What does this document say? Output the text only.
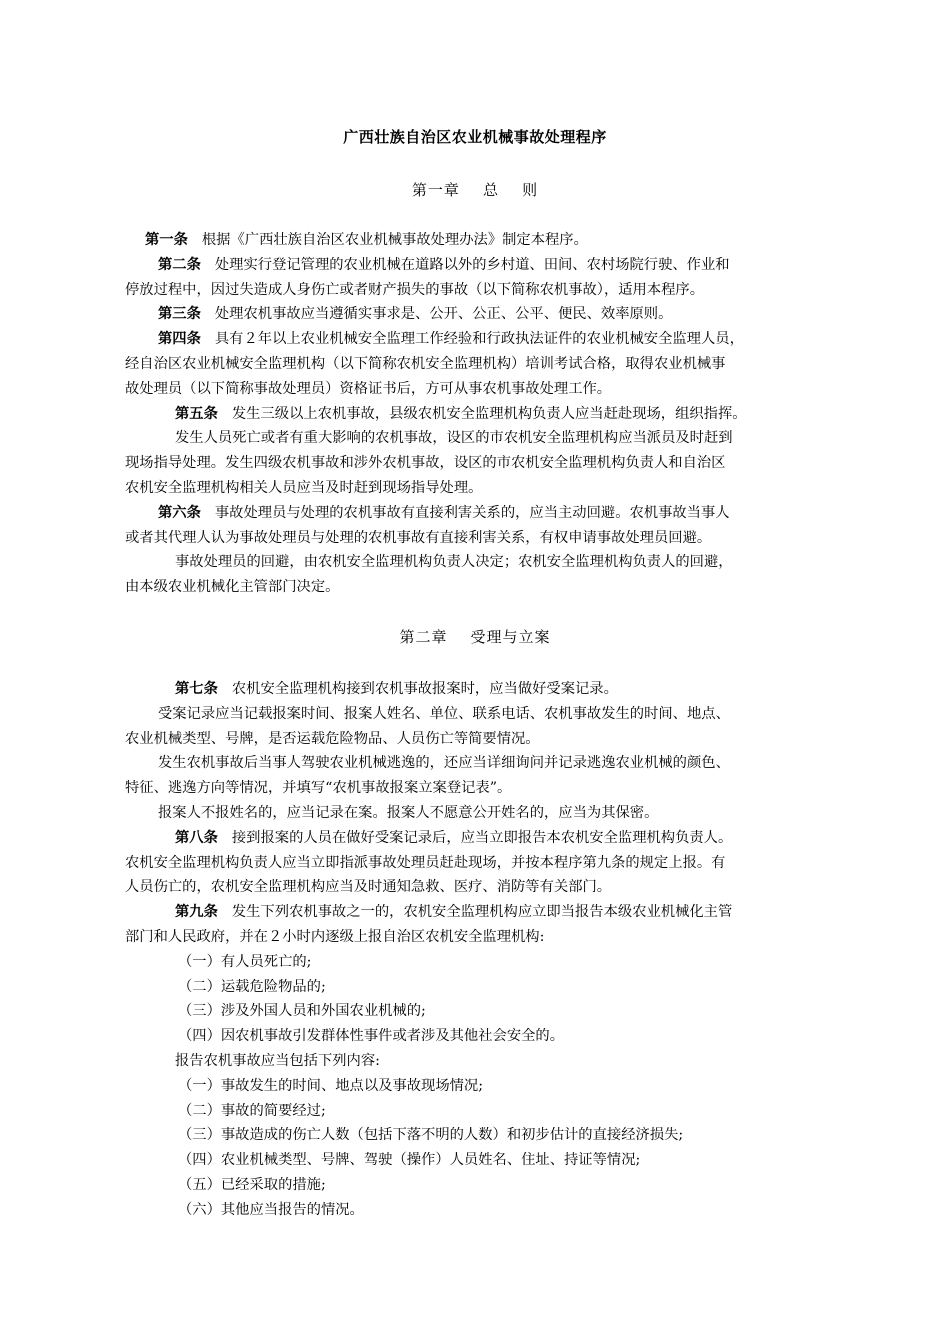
广西壮族自治区农业机械事故处理程序
第一章    总    则
第一条 根据《广西壮族自治区农业机械事故处理办法》制定本程序。
第二条 处理实行登记管理的农业机械在道路以外的乡村道、田间、农村场院行驶、作业和
停放过程中，因过失造成人身伤亡或者财产损失的事故（以下简称农机事故），适用本程序。
第三条 处理农机事故应当遵循实事求是、公开、公正、公平、便民、效率原则。
第四条 具有２年以上农业机械安全监理工作经验和行政执法证件的农业机械安全监理人员，
经自治区农业机械安全监理机构（以下简称农机安全监理机构）培训考试合格，取得农业机械事
故处理员（以下简称事故处理员）资格证书后，方可从事农机事故处理工作。
第五条 发生三级以上农机事故，县级农机安全监理机构负责人应当赶赴现场，组织指挥。
发生人员死亡或者有重大影响的农机事故，设区的市农机安全监理机构应当派员及时赶到
现场指导处理。发生四级农机事故和涉外农机事故，设区的市农机安全监理机构负责人和自治区
农机安全监理机构相关人员应当及时赶到现场指导处理。
第六条 事故处理员与处理的农机事故有直接利害关系的，应当主动回避。农机事故当事人
或者其代理人认为事故处理员与处理的农机事故有直接利害关系，有权申请事故处理员回避。
事故处理员的回避，由农机安全监理机构负责人决定；农机安全监理机构负责人的回避，
由本级农业机械化主管部门决定。
第二章    受理与立案
第七条 农机安全监理机构接到农机事故报案时，应当做好受案记录。
受案记录应当记载报案时间、报案人姓名、单位、联系电话、农机事故发生的时间、地点、
农业机械类型、号牌，是否运载危险物品、人员伤亡等简要情况。
发生农机事故后当事人驾驶农业机械逃逸的，还应当详细询问并记录逃逸农业机械的颜色、
特征、逃逸方向等情况，并填写“农机事故报案立案登记表”。
报案人不报姓名的，应当记录在案。报案人不愿意公开姓名的，应当为其保密。
第八条 接到报案的人员在做好受案记录后，应当立即报告本农机安全监理机构负责人。
农机安全监理机构负责人应当立即指派事故处理员赶赴现场，并按本程序第九条的规定上报。有
人员伤亡的，农机安全监理机构应当及时通知急救、医疗、消防等有关部门。
第九条 发生下列农机事故之一的，农机安全监理机构应立即当报告本级农业机械化主管
部门和人民政府，并在２小时内逐级上报自治区农机安全监理机构:
（一）有人员死亡的;
（二）运载危险物品的;
（三）涉及外国人员和外国农业机械的;
（四）因农机事故引发群体性事件或者涉及其他社会安全的。
报告农机事故应当包括下列内容:
（一）事故发生的时间、地点以及事故现场情况;
（二）事故的简要经过;
（三）事故造成的伤亡人数（包括下落不明的人数）和初步估计的直接经济损失;
（四）农业机械类型、号牌、驾驶（操作）人员姓名、住址、持证等情况;
（五）已经采取的措施;
（六）其他应当报告的情况。
